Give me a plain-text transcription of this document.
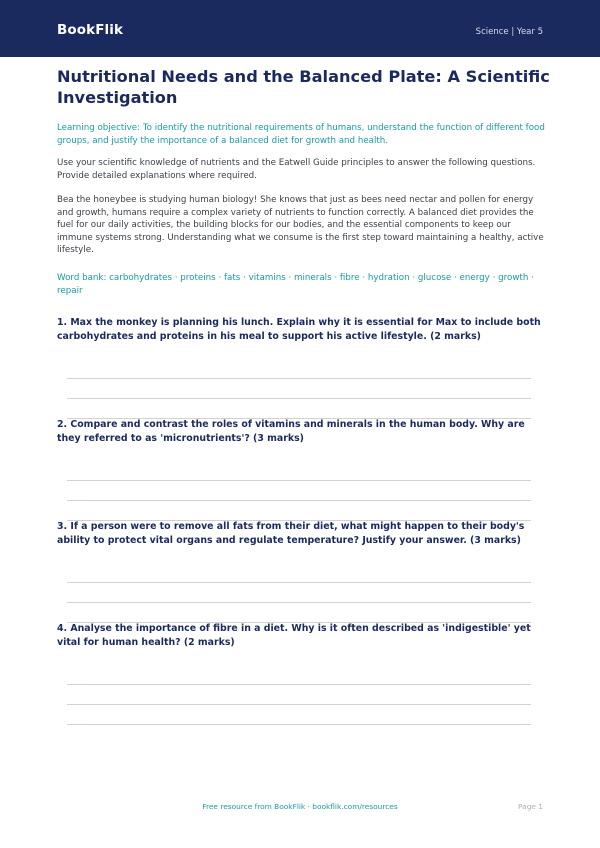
BookFlik	Science | Year 5
Nutritional Needs and the Balanced Plate: A Scientific Investigation

Learning objective: To identify the nutritional requirements of humans, understand the function of different food groups, and justify the importance of a balanced diet for growth and health.

Use your scientific knowledge of nutrients and the Eatwell Guide principles to answer the following questions. Provide detailed explanations where required.

Bea the honeybee is studying human biology! She knows that just as bees need nectar and pollen for energy and growth, humans require a complex variety of nutrients to function correctly. A balanced diet provides the fuel for our daily activities, the building blocks for our bodies, and the essential components to keep our immune systems strong. Understanding what we consume is the first step toward maintaining a healthy, active lifestyle.

Word bank: carbohydrates · proteins · fats · vitamins · minerals · fibre · hydration · glucose · energy · growth · repair

1. Max the monkey is planning his lunch. Explain why it is essential for Max to include both carbohydrates and proteins in his meal to support his active lifestyle. (2 marks)
2. Compare and contrast the roles of vitamins and minerals in the human body. Why are they referred to as 'micronutrients'? (3 marks)
3. If a person were to remove all fats from their diet, what might happen to their body's ability to protect vital organs and regulate temperature? Justify your answer. (3 marks)
4. Analyse the importance of fibre in a diet. Why is it often described as 'indigestible' yet vital for human health? (2 marks)
Free resource from BookFlik · bookflik.com/resources	Page 1
